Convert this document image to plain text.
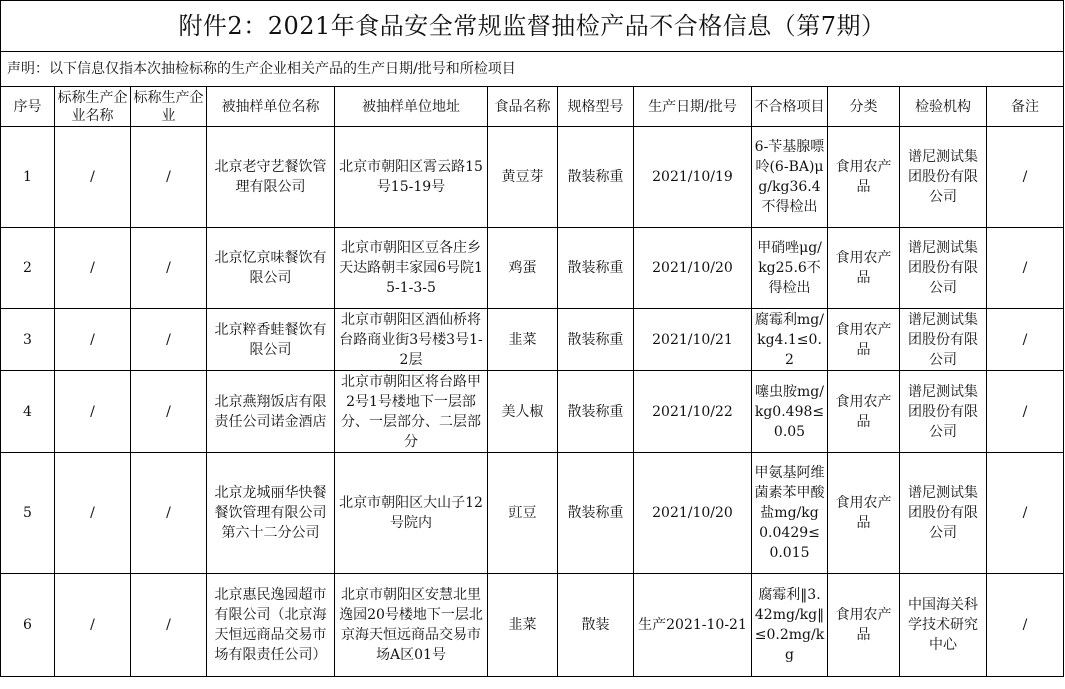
附件2：2021年食品安全常规监督抽检产品不合格信息（第7期）											
声明：以下信息仅指本次抽检标称的生产企业相关产品的生产日期/批号和所检项目											
序号	标称生产企业名称	标称生产企业	被抽样单位名称	被抽样单位地址	食品名称	规格型号	生产日期/批号	不合格项目	分类	检验机构	备注
1	/	/	北京老守艺餐饮管理有限公司	北京市朝阳区霄云路15号15-19号	黄豆芽	散装称重	2021/10/19	6-苄基腺嘌呤(6-BA)μg/kg36.4不得检出	食用农产品	谱尼测试集团股份有限公司	/
2	/	/	北京忆京味餐饮有限公司	北京市朝阳区豆各庄乡天达路朝丰家园6号院15-1-3-5	鸡蛋	散装称重	2021/10/20	甲硝唑μg/kg25.6不得检出	食用农产品	谱尼测试集团股份有限公司	/
3	/	/	北京粹香蛙餐饮有限公司	北京市朝阳区酒仙桥将台路商业街3号楼3号1-2层	韭菜	散装称重	2021/10/21	腐霉利mg/kg4.1≤0.2	食用农产品	谱尼测试集团股份有限公司	/
4	/	/	北京燕翔饭店有限责任公司诺金酒店	北京市朝阳区将台路甲2号1号楼地下一层部分、一层部分、二层部分	美人椒	散装称重	2021/10/22	噻虫胺mg/kg0.498≤0.05	食用农产品	谱尼测试集团股份有限公司	/
5	/	/	北京龙城丽华快餐餐饮管理有限公司第六十二分公司	北京市朝阳区大山子12号院内	豇豆	散装称重	2021/10/20	甲氨基阿维菌素苯甲酸盐mg/kg0.0429≤0.015	食用农产品	谱尼测试集团股份有限公司	/
6	/	/	北京惠民逸园超市有限公司（北京海天恒远商品交易市场有限责任公司）	北京市朝阳区安慧北里逸园20号楼地下一层北京海天恒远商品交易市场A区01号	韭菜	散装	生产2021-10-21	腐霉利‖3.42mg/kg‖≤0.2mg/kg	食用农产品	中国海关科学技术研究中心	/
